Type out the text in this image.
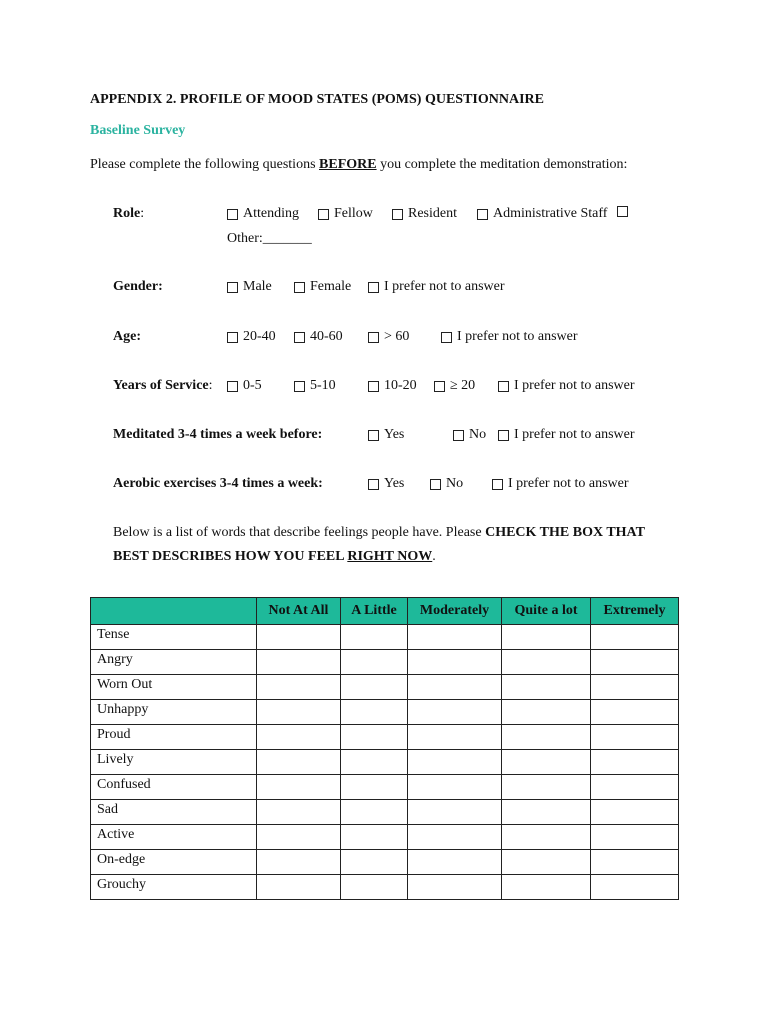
APPENDIX 2. PROFILE OF MOOD STATES (POMS) QUESTIONNAIRE
Baseline Survey
Please complete the following questions BEFORE you complete the meditation demonstration:
Role:	Attending	Fellow	Resident	Administrative Staff
Other:_______
Gender:	Male	Female I prefer not to answer
Age:	20-40 40-60	> 60	I prefer not to answer
Years of Service: 0-5	5-10	10-20 ≥ 20	I prefer not to answer
Meditated 3-4 times a week before:	Yes	No I prefer not to answer
Aerobic exercises 3-4 times a week:	Yes	No	I prefer not to answer
Below is a list of words that describe feelings people have. Please CHECK THE BOX THAT
BEST DESCRIBES HOW YOU FEEL RIGHT NOW.
	Not At All	A Little	Moderately	Quite a lot	Extremely
Tense					
Angry					
Worn Out					
Unhappy					
Proud					
Lively					
Confused					
Sad					
Active					
On-edge					
Grouchy					
